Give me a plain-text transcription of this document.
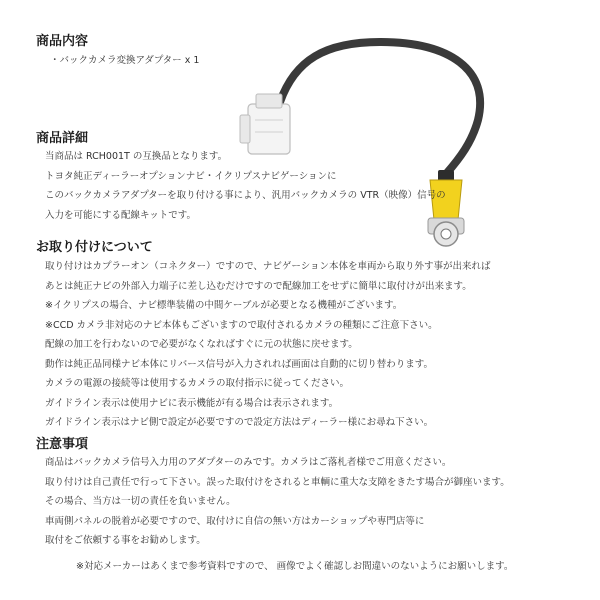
商品内容
・バックカメラ変換アダプター x 1
商品詳細
当商品は RCH001T の互換品となります。
トヨタ純正ディーラーオプションナビ・イクリプスナビゲーションに
このバックカメラアダプターを取り付ける事により、汎用バックカメラの VTR（映像）信号の
入力を可能にする配線キットです。
お取り付けについて
取り付けはカプラーオン（コネクター）ですので、ナビゲーション本体を車両から取り外す事が出来れば
あとは純正ナビの外部入力端子に差し込むだけですので配線加工をせずに簡単に取付けが出来ます。
※イクリプスの場合、ナビ標準装備の中間ケーブルが必要となる機種がございます。
※CCD カメラ非対応のナビ本体もございますので取付されるカメラの種類にご注意下さい。
配線の加工を行わないので必要がなくなればすぐに元の状態に戻せます。
動作は純正品同様ナビ本体にリバース信号が入力されれば画面は自動的に切り替わります。
カメラの電源の接続等は使用するカメラの取付指示に従ってください。
ガイドライン表示は使用ナビに表示機能が有る場合は表示されます。
ガイドライン表示はナビ側で設定が必要ですので設定方法はディーラー様にお尋ね下さい。
注意事項
商品はバックカメラ信号入力用のアダプターのみです。カメラはご落札者様でご用意ください。
取り付けは自己責任で行って下さい。誤った取付けをされると車輌に重大な支障をきたす場合が御座います。
その場合、当方は一切の責任を負いません。
車両側パネルの脱着が必要ですので、取付けに自信の無い方はカーショップや専門店等に
取付をご依頼する事をお勧めします。
※対応メーカーはあくまで参考資料ですので、 画像でよく確認しお間違いのないようにお願いします。
